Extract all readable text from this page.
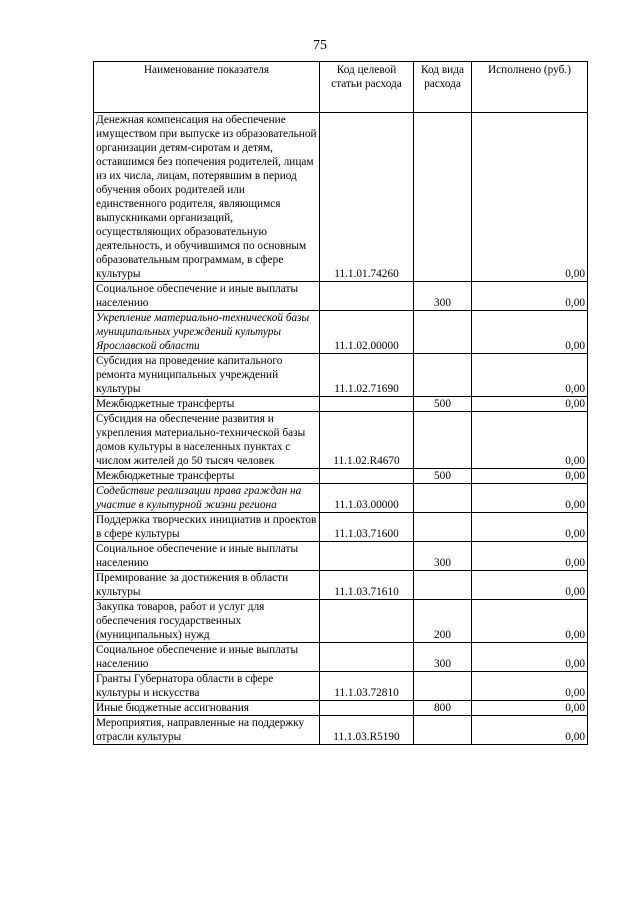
75
Наименование показателя	Код целевой статьи расхода	Код вида расхода	Исполнено (руб.)
Денежная компенсация на обеспечение имуществом при выпуске из образовательной организации детям-сиротам и детям, оставшимся без попечения родителей, лицам из их числа, лицам, потерявшим в период обучения обоих родителей или единственного родителя, являющимся выпускниками организаций, осуществляющих образовательную деятельность, и обучившимся по основным образовательным программам, в сфере культуры	11.1.01.74260		0,00
Социальное обеспечение и иные выплаты населению		300	0,00
Укрепление материально-технической базы муниципальных учреждений культуры Ярославской области	11.1.02.00000		0,00
Субсидия на проведение капитального ремонта муниципальных учреждений культуры	11.1.02.71690		0,00
Межбюджетные трансферты		500	0,00
Субсидия на обеспечение развития и укрепления материально-технической базы домов культуры в населенных пунктах с числом жителей до 50 тысяч человек	11.1.02.R4670		0,00
Межбюджетные трансферты		500	0,00
Содействие реализации права граждан на участие в культурной жизни региона	11.1.03.00000		0,00
Поддержка творческих инициатив и проектов в сфере культуры	11.1.03.71600		0,00
Социальное обеспечение и иные выплаты населению		300	0,00
Премирование за достижения в области культуры	11.1.03.71610		0,00
Закупка товаров, работ и услуг для обеспечения государственных (муниципальных) нужд		200	0,00
Социальное обеспечение и иные выплаты населению		300	0,00
Гранты Губернатора области в сфере культуры и искусства	11.1.03.72810		0,00
Иные бюджетные ассигнования		800	0,00
Мероприятия, направленные на поддержку отрасли культуры	11.1.03.R5190		0,00
